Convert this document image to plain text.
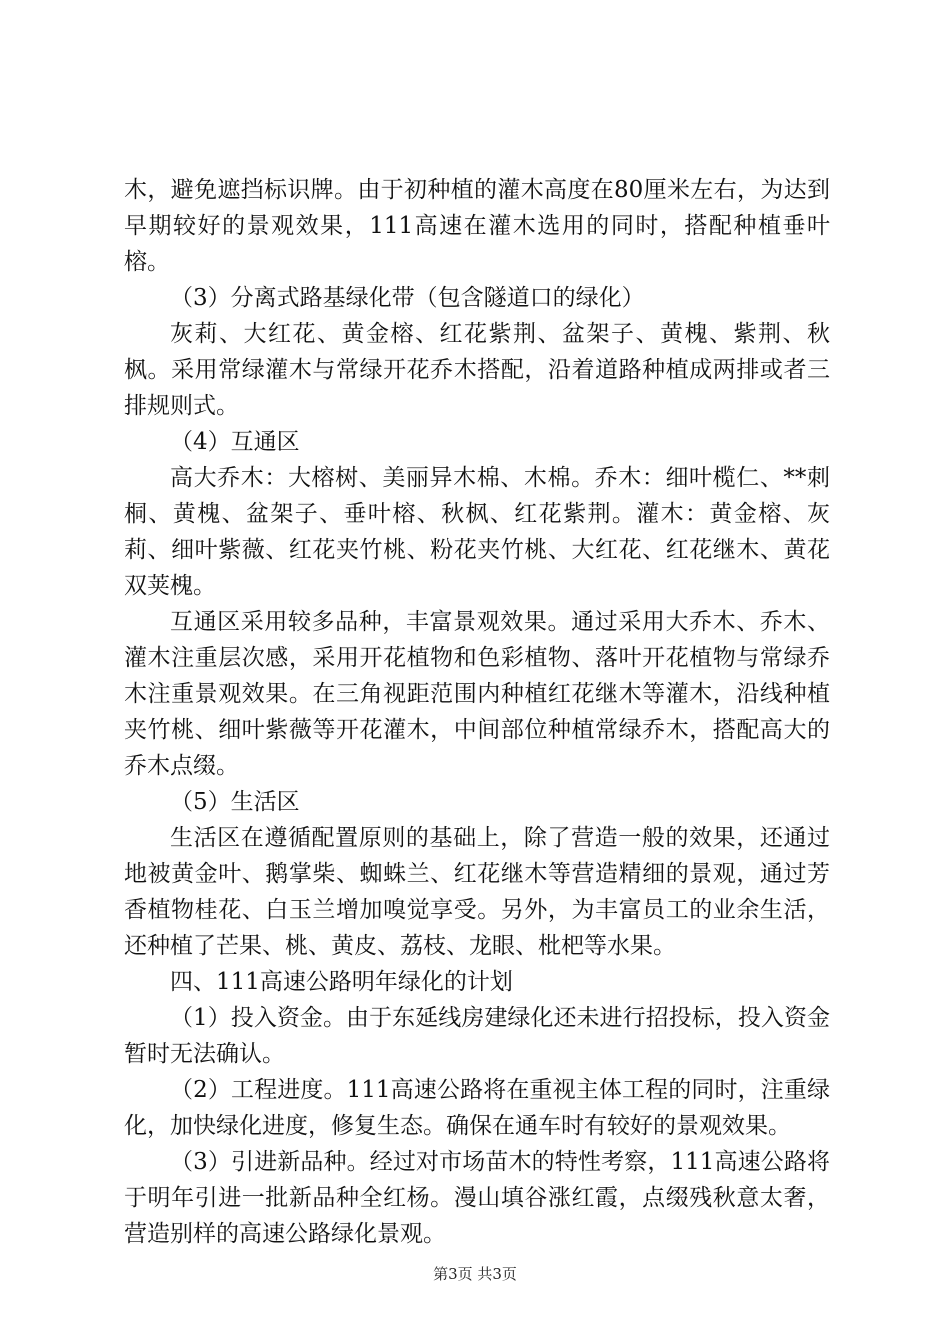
木，避免遮挡标识牌。由于初种植的灌木高度在80厘米左右，为达到早期较好的景观效果，111高速在灌木选用的同时，搭配种植垂叶榕。

（3）分离式路基绿化带（包含隧道口的绿化）

灰莉、大红花、黄金榕、红花紫荆、盆架子、黄槐、紫荆、秋枫。采用常绿灌木与常绿开花乔木搭配，沿着道路种植成两排或者三排规则式。

（4）互通区

高大乔木：大榕树、美丽异木棉、木棉。乔木：细叶榄仁、**刺桐、黄槐、盆架子、垂叶榕、秋枫、红花紫荆。灌木：黄金榕、灰莉、细叶紫薇、红花夹竹桃、粉花夹竹桃、大红花、红花继木、黄花双荚槐。

互通区采用较多品种，丰富景观效果。通过采用大乔木、乔木、灌木注重层次感，采用开花植物和色彩植物、落叶开花植物与常绿乔木注重景观效果。在三角视距范围内种植红花继木等灌木，沿线种植夹竹桃、细叶紫薇等开花灌木，中间部位种植常绿乔木，搭配高大的乔木点缀。

（5）生活区

生活区在遵循配置原则的基础上，除了营造一般的效果，还通过地被黄金叶、鹅掌柴、蜘蛛兰、红花继木等营造精细的景观，通过芳香植物桂花、白玉兰增加嗅觉享受。另外，为丰富员工的业余生活，还种植了芒果、桃、黄皮、荔枝、龙眼、枇杷等水果。

四、111高速公路明年绿化的计划

（1）投入资金。由于东延线房建绿化还未进行招投标，投入资金暂时无法确认。

（2）工程进度。111高速公路将在重视主体工程的同时，注重绿化，加快绿化进度，修复生态。确保在通车时有较好的景观效果。

（3）引进新品种。经过对市场苗木的特性考察，111高速公路将于明年引进一批新品种全红杨。漫山填谷涨红霞，点缀残秋意太奢，营造别样的高速公路绿化景观。

第3页 共3页
